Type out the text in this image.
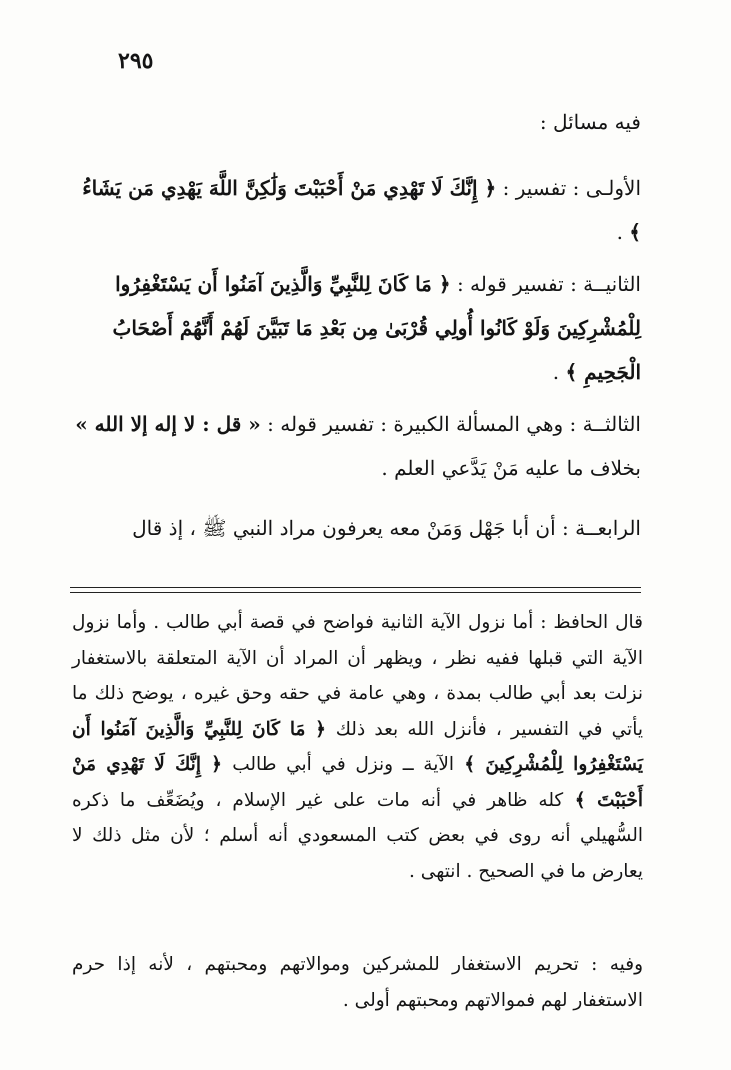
٢٩٥
فيه مسائل :
الأولـى : تفسير : ﴿ إِنَّكَ لَا تَهْدِي مَنْ أَحْبَبْتَ وَلَٰكِنَّ اللَّهَ يَهْدِي مَن يَشَاءُ ﴾ .
الثانيــة : تفسير قوله : ﴿ مَا كَانَ لِلنَّبِيِّ وَالَّذِينَ آمَنُوا أَن يَسْتَغْفِرُوا لِلْمُشْرِكِينَ وَلَوْ كَانُوا أُولِي قُرْبَىٰ مِن بَعْدِ مَا تَبَيَّنَ لَهُمْ أَنَّهُمْ أَصْحَابُ الْجَحِيمِ ﴾ .
الثالثــة : وهي المسألة الكبيرة : تفسير قوله : « قل : لا إله إلا الله » بخلاف ما عليه مَنْ يَدَّعي العلم .
الرابعــة : أن أبا جَهْل وَمَنْ معه يعرفون مراد النبي ﷺ ، إذ قال
قال الحافظ : أما نزول الآية الثانية فواضح في قصة أبي طالب . وأما نزول الآية التي قبلها ففيه نظر ، ويظهر أن المراد أن الآية المتعلقة بالاستغفار نزلت بعد أبي طالب بمدة ، وهي عامة في حقه وحق غيره ، يوضح ذلك ما يأتي في التفسير ، فأنزل الله بعد ذلك ﴿ مَا كَانَ لِلنَّبِيِّ وَالَّذِينَ آمَنُوا أَن يَسْتَغْفِرُوا لِلْمُشْرِكِينَ ﴾ الآية ــ ونزل في أبي طالب ﴿ إِنَّكَ لَا تَهْدِي مَنْ أَحْبَبْتَ ﴾ كله ظاهر في أنه مات على غير الإسلام ، ويُضَعِّف ما ذكره السُّهيلي أنه روى في بعض كتب المسعودي أنه أسلم ؛ لأن مثل ذلك لا يعارض ما في الصحيح . انتهى .
وفيه : تحريم الاستغفار للمشركين وموالاتهم ومحبتهم ، لأنه إذا حرم الاستغفار لهم فموالاتهم ومحبتهم أولى .
